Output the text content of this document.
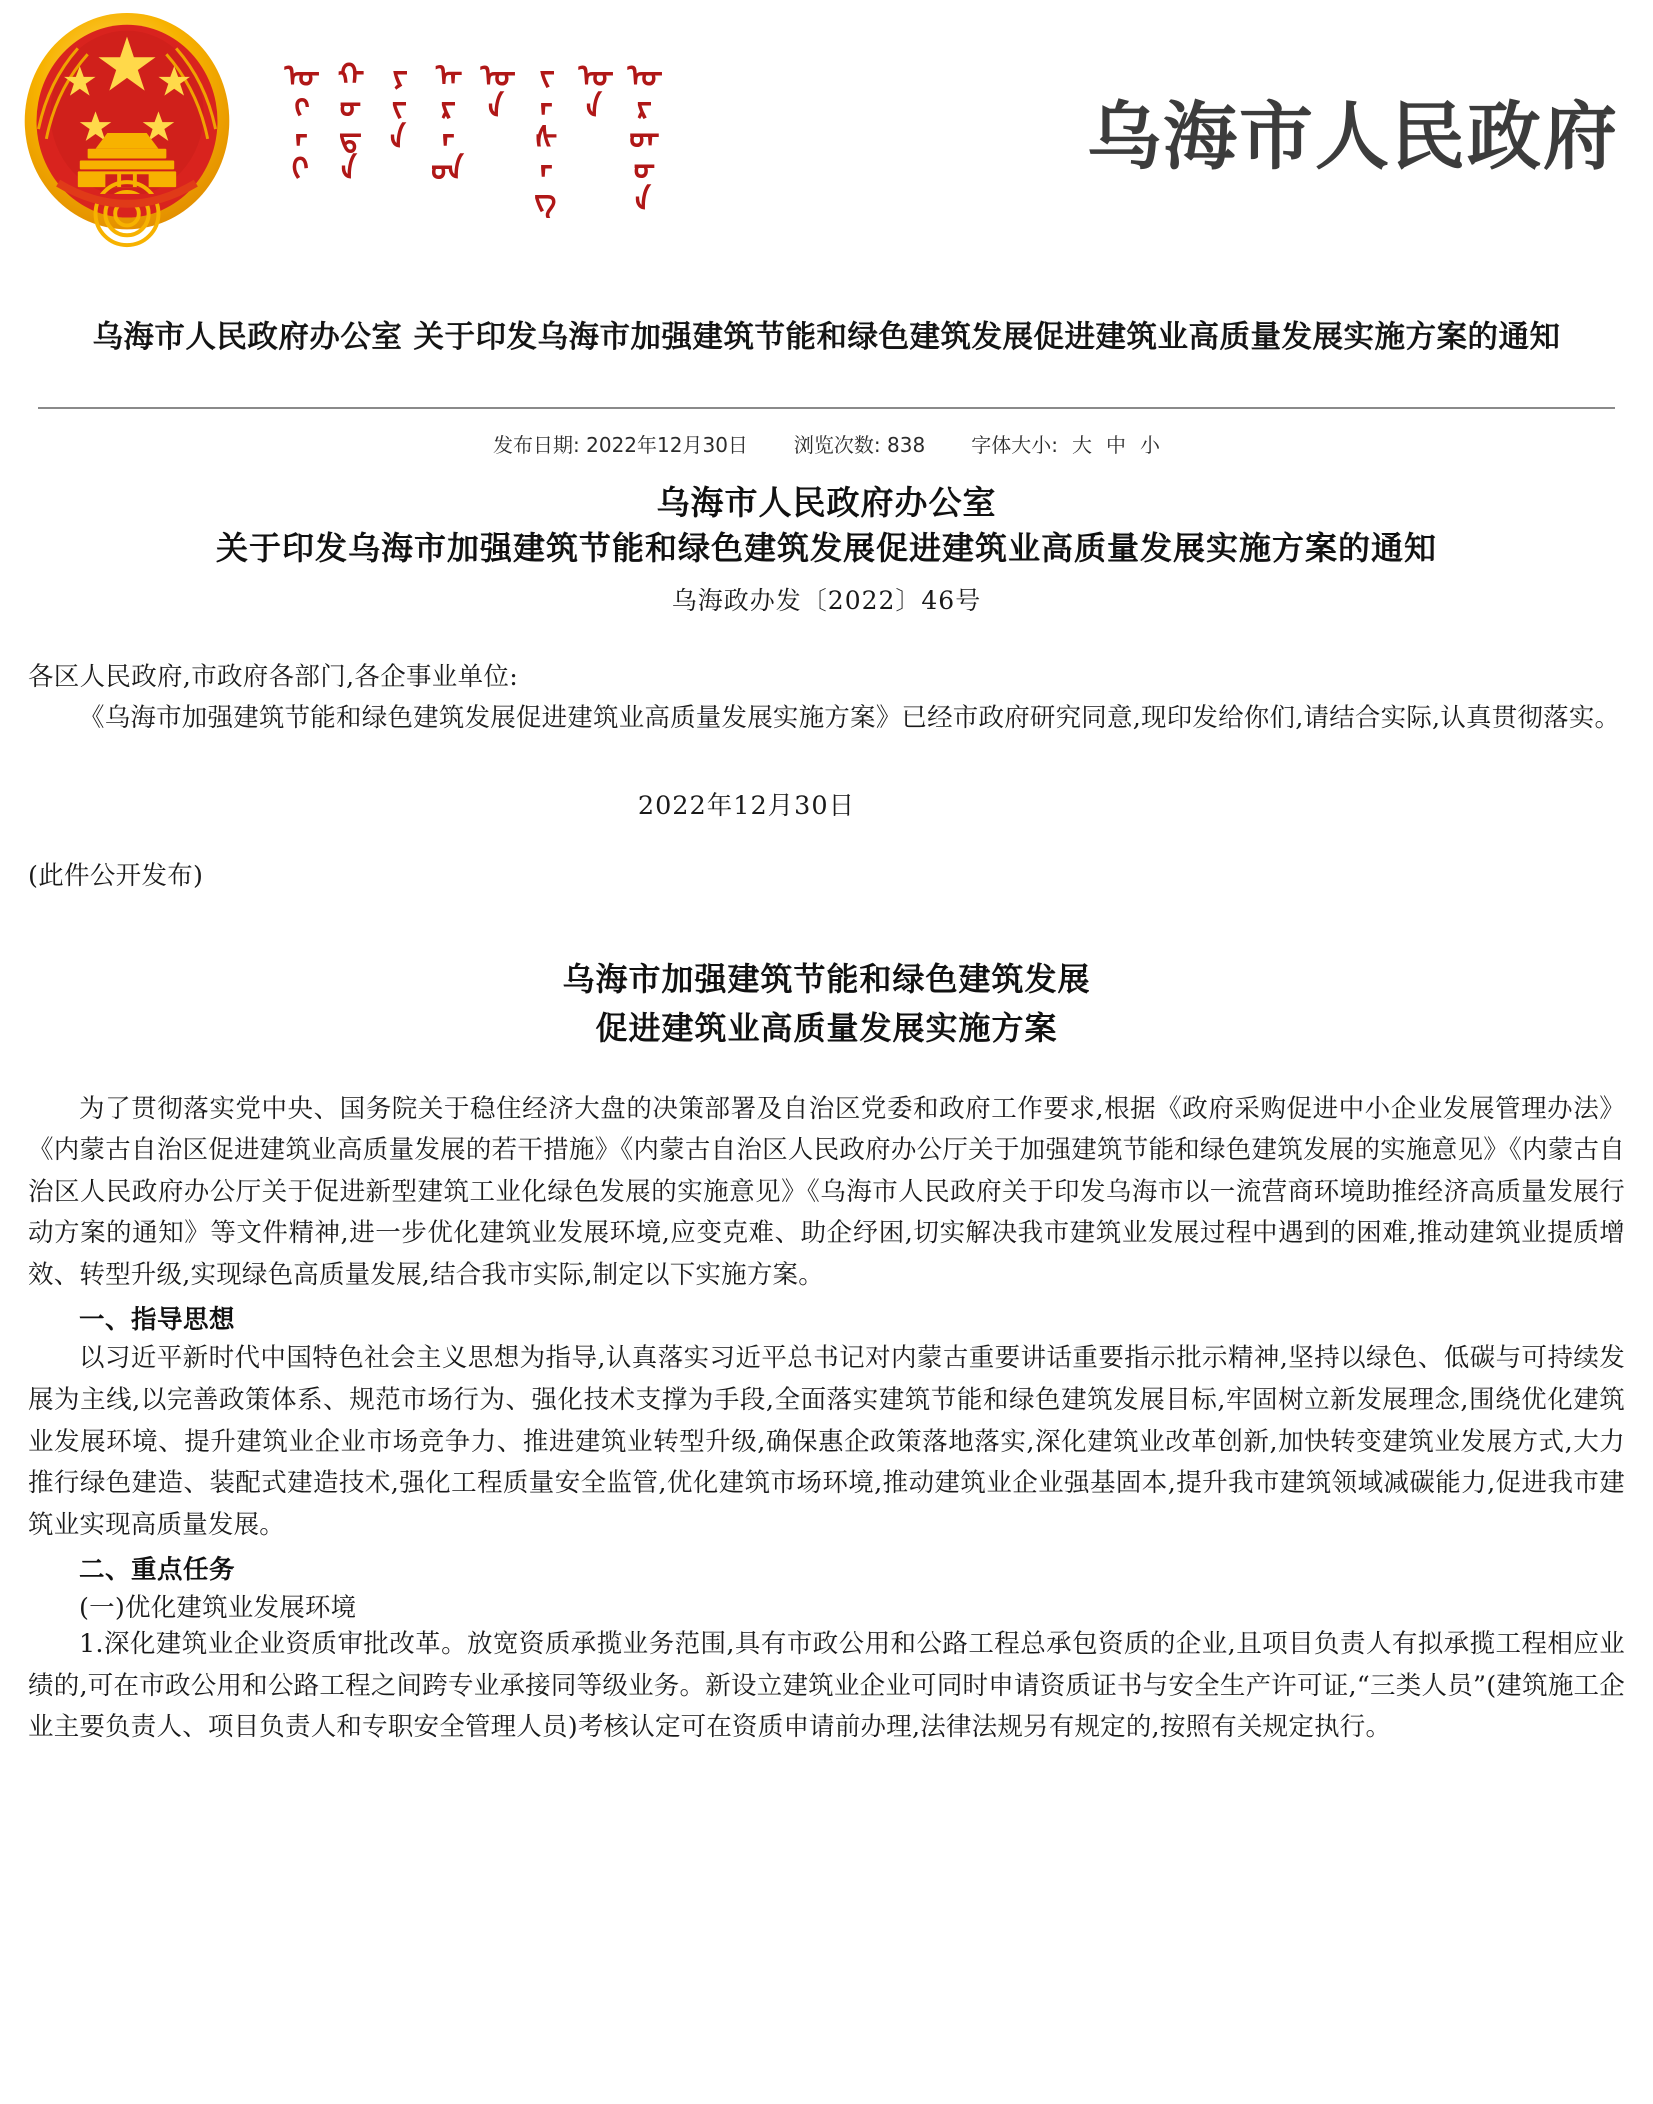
ᠤᠬᠠᠢ ᠬᠣᠲᠠ ᠶᠢᠨ ᠠᠷᠠᠳ ᠤᠨ ᠵᠠᠰᠠᠭ ᠤᠨ ᠣᠷᠳᠣᠨ	乌海市人民政府
乌海市人民政府办公室 关于印发乌海市加强建筑节能和绿色建筑发展促进建筑业高质量发展实施方案的通知
发布日期: 2022年12月30日 浏览次数: 838 字体大小: 大 中 小
乌海市人民政府办公室
关于印发乌海市加强建筑节能和绿色建筑发展促进建筑业高质量发展实施方案的通知
乌海政办发〔2022〕46号
各区人民政府,市政府各部门,各企事业单位:

《乌海市加强建筑节能和绿色建筑发展促进建筑业高质量发展实施方案》已经市政府研究同意,现印发给你们,请结合实际,认真贯彻落实。

2022年12月30日
(此件公开发布)
乌海市加强建筑节能和绿色建筑发展
促进建筑业高质量发展实施方案

为了贯彻落实党中央、国务院关于稳住经济大盘的决策部署及自治区党委和政府工作要求,根据《政府采购促进中小企业发展管理办法》《内蒙古自治区促进建筑业高质量发展的若干措施》《内蒙古自治区人民政府办公厅关于加强建筑节能和绿色建筑发展的实施意见》《内蒙古自治区人民政府办公厅关于促进新型建筑工业化绿色发展的实施意见》《乌海市人民政府关于印发乌海市以一流营商环境助推经济高质量发展行动方案的通知》等文件精神,进一步优化建筑业发展环境,应变克难、助企纾困,切实解决我市建筑业发展过程中遇到的困难,推动建筑业提质增效、转型升级,实现绿色高质量发展,结合我市实际,制定以下实施方案。

一、指导思想

以习近平新时代中国特色社会主义思想为指导,认真落实习近平总书记对内蒙古重要讲话重要指示批示精神,坚持以绿色、低碳与可持续发展为主线,以完善政策体系、规范市场行为、强化技术支撑为手段,全面落实建筑节能和绿色建筑发展目标,牢固树立新发展理念,围绕优化建筑业发展环境、提升建筑业企业市场竞争力、推进建筑业转型升级,确保惠企政策落地落实,深化建筑业改革创新,加快转变建筑业发展方式,大力推行绿色建造、装配式建造技术,强化工程质量安全监管,优化建筑市场环境,推动建筑业企业强基固本,提升我市建筑领域减碳能力,促进我市建筑业实现高质量发展。

二、重点任务
(一)优化建筑业发展环境

1.深化建筑业企业资质审批改革。放宽资质承揽业务范围,具有市政公用和公路工程总承包资质的企业,且项目负责人有拟承揽工程相应业绩的,可在市政公用和公路工程之间跨专业承接同等级业务。新设立建筑业企业可同时申请资质证书与安全生产许可证,“三类人员”(建筑施工企业主要负责人、项目负责人和专职安全管理人员)考核认定可在资质申请前办理,法律法规另有规定的,按照有关规定执行。
